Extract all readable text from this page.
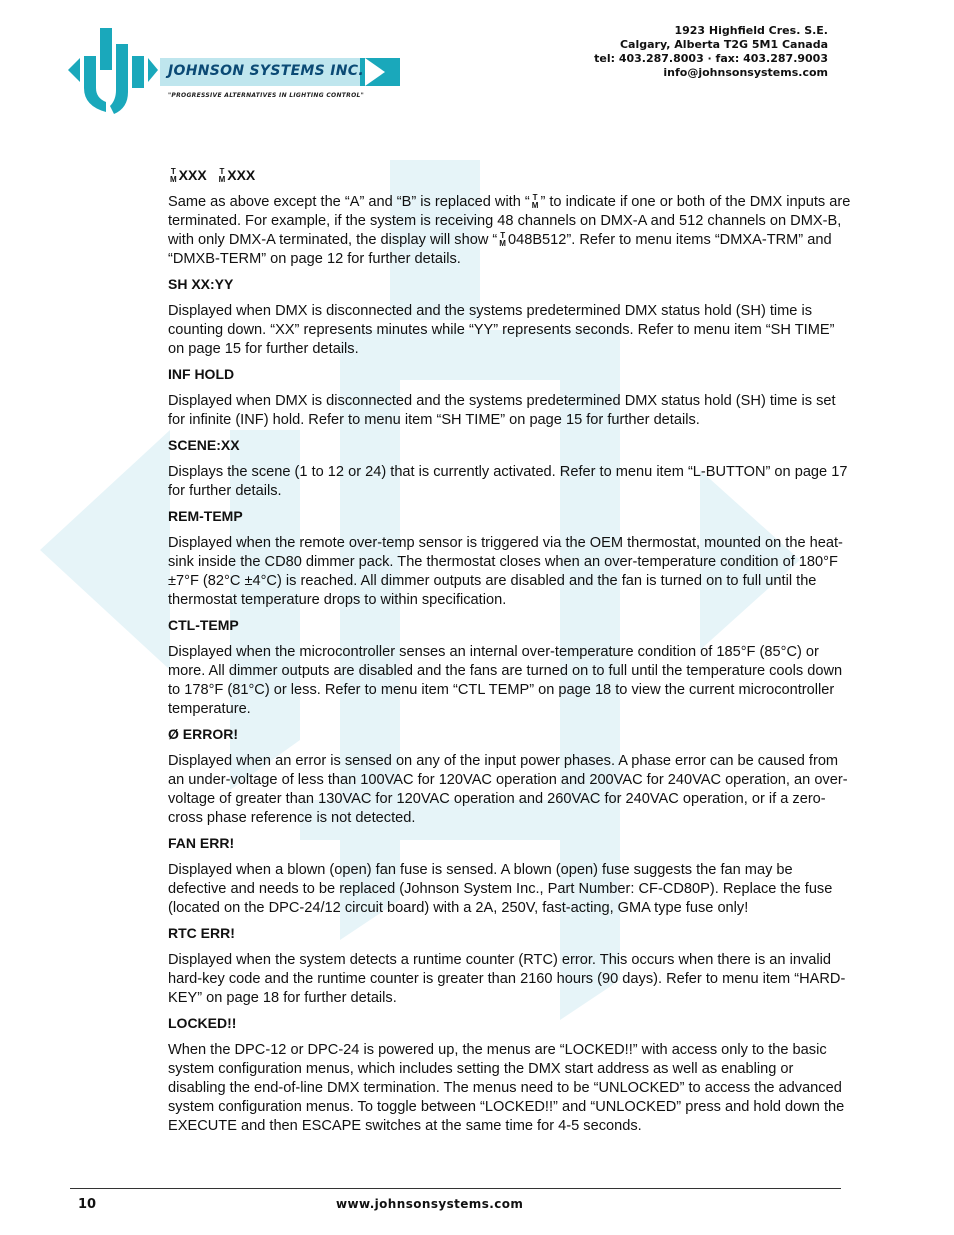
JOHNSON SYSTEMS INC.
"PROGRESSIVE ALTERNATIVES IN LIGHTING CONTROL"
1923 Highfield Cres. S.E.
Calgary, Alberta T2G 5M1 Canada
tel: 403.287.8003 · fax: 403.287.9003
info@johnsonsystems.com
T
M XXX T
M XXX

Same as above except the “A” and “B” is replaced with “ T
M ” to indicate if one or both of the DMX inputs are terminated. For example, if the system is receiving 48 channels on DMX-A and 512 channels on DMX-B, with only DMX-A terminated, the display will show “ T
M 048B512”. Refer to menu items “DMXA-TRM” and “DMXB-TERM” on page 12 for further details.

SH XX:YY

Displayed when DMX is disconnected and the systems predetermined DMX status hold (SH) time is counting down. “XX” represents minutes while “YY” represents seconds. Refer to menu item “SH TIME” on page 15 for further details.

INF HOLD

Displayed when DMX is disconnected and the systems predetermined DMX status hold (SH) time is set for infinite (INF) hold. Refer to menu item “SH TIME” on page 15 for further details.

SCENE:XX

Displays the scene (1 to 12 or 24) that is currently activated. Refer to menu item “L-BUTTON” on page 17 for further details.

REM-TEMP

Displayed when the remote over-temp sensor is triggered via the OEM thermostat, mounted on the heat-sink inside the CD80 dimmer pack. The thermostat closes when an over-temperature condition of 180°F ±7°F (82°C ±4°C) is reached. All dimmer outputs are disabled and the fan is turned on to full until the thermostat temperature drops to within specification.

CTL-TEMP

Displayed when the microcontroller senses an internal over-temperature condition of 185°F (85°C) or more. All dimmer outputs are disabled and the fans are turned on to full until the temperature cools down to 178°F (81°C) or less. Refer to menu item “CTL TEMP” on page 18 to view the current microcontroller temperature.

Ø ERROR!

Displayed when an error is sensed on any of the input power phases. A phase error can be caused from an under-voltage of less than 100VAC for 120VAC operation and 200VAC for 240VAC operation, an over-voltage of greater than 130VAC for 120VAC operation and 260VAC for 240VAC operation, or if a zero-cross phase reference is not detected.

FAN ERR!

Displayed when a blown (open) fan fuse is sensed. A blown (open) fuse suggests the fan may be defective and needs to be replaced (Johnson System Inc., Part Number: CF-CD80P). Replace the fuse (located on the DPC-24/12 circuit board) with a 2A, 250V, fast-acting, GMA type fuse only!

RTC ERR!

Displayed when the system detects a runtime counter (RTC) error. This occurs when there is an invalid hard-key code and the runtime counter is greater than 2160 hours (90 days). Refer to menu item “HARD-KEY” on page 18 for further details.

LOCKED!!

When the DPC-12 or DPC-24 is powered up, the menus are “LOCKED!!” with access only to the basic system configuration menus, which includes setting the DMX start address as well as enabling or disabling the end-of-line DMX termination. The menus need to be “UNLOCKED” to access the advanced system configuration menus. To toggle between “LOCKED!!” and “UNLOCKED” press and hold down the EXECUTE and then ESCAPE switches at the same time for 4-5 seconds.

10	www.johnsonsystems.com
